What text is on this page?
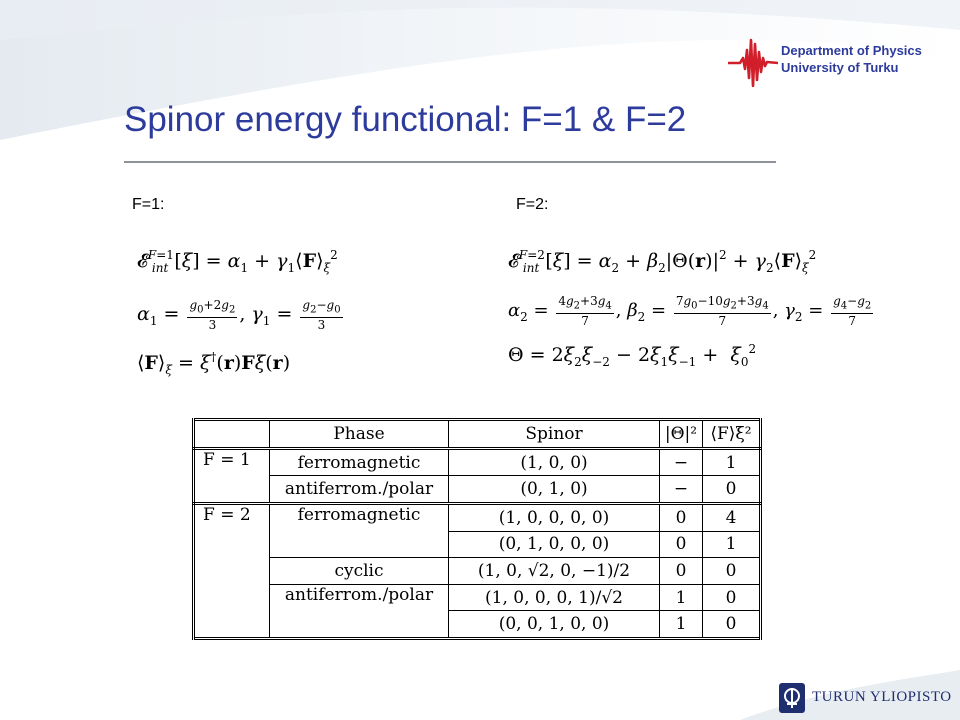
Department of Physics
University of Turku
Spinor energy functional: F=1 & F=2
F=1:	F=2:
𝓔$^{F=1}_{int}$ $[\xi] = \alpha_1$ + $\gamma_1⟨F⟩_\xi^2$
$\alpha_1 = \frac{g_0+2g_2}{3}$ , $\gamma_1 = \frac{g_2-g_0}{3}$
$⟨F⟩_\xi = \xi^\dagger(r)F\xi(r)$
𝓔$^{F=2}_{int}$ $[\xi] = \alpha_2 + \beta_2|\Theta(r)|^2$ + $\gamma_2⟨F⟩_\xi^2$
$\alpha_2 = \frac{4g_2+3g_4}{7}$ , $\beta_2 = \frac{7g_0-10g_2+3g_4}{7}$ , $\gamma_2 = \frac{g_4-g_2}{7}$
$\Theta = 2\xi_2\xi_{-2} - 2\xi_1\xi_{-1} + \xi_0^2$
	Phase	Spinor	|Θ|²	⟨F⟩ξ²
F = 1	ferromagnetic	(1, 0, 0)	−	1
	antiferrom./polar	(0, 1, 0)	−	0
F = 2	ferromagnetic	(1, 0, 0, 0, 0)	0	4
		(0, 1, 0, 0, 0)	0	1
	cyclic	(1, 0, √2, 0, −1)/2	0	0
	antiferrom./polar	(1, 0, 0, 0, 1)/√2	1	0
		(0, 0, 1, 0, 0)	1	0
TURUN YLIOPISTO
